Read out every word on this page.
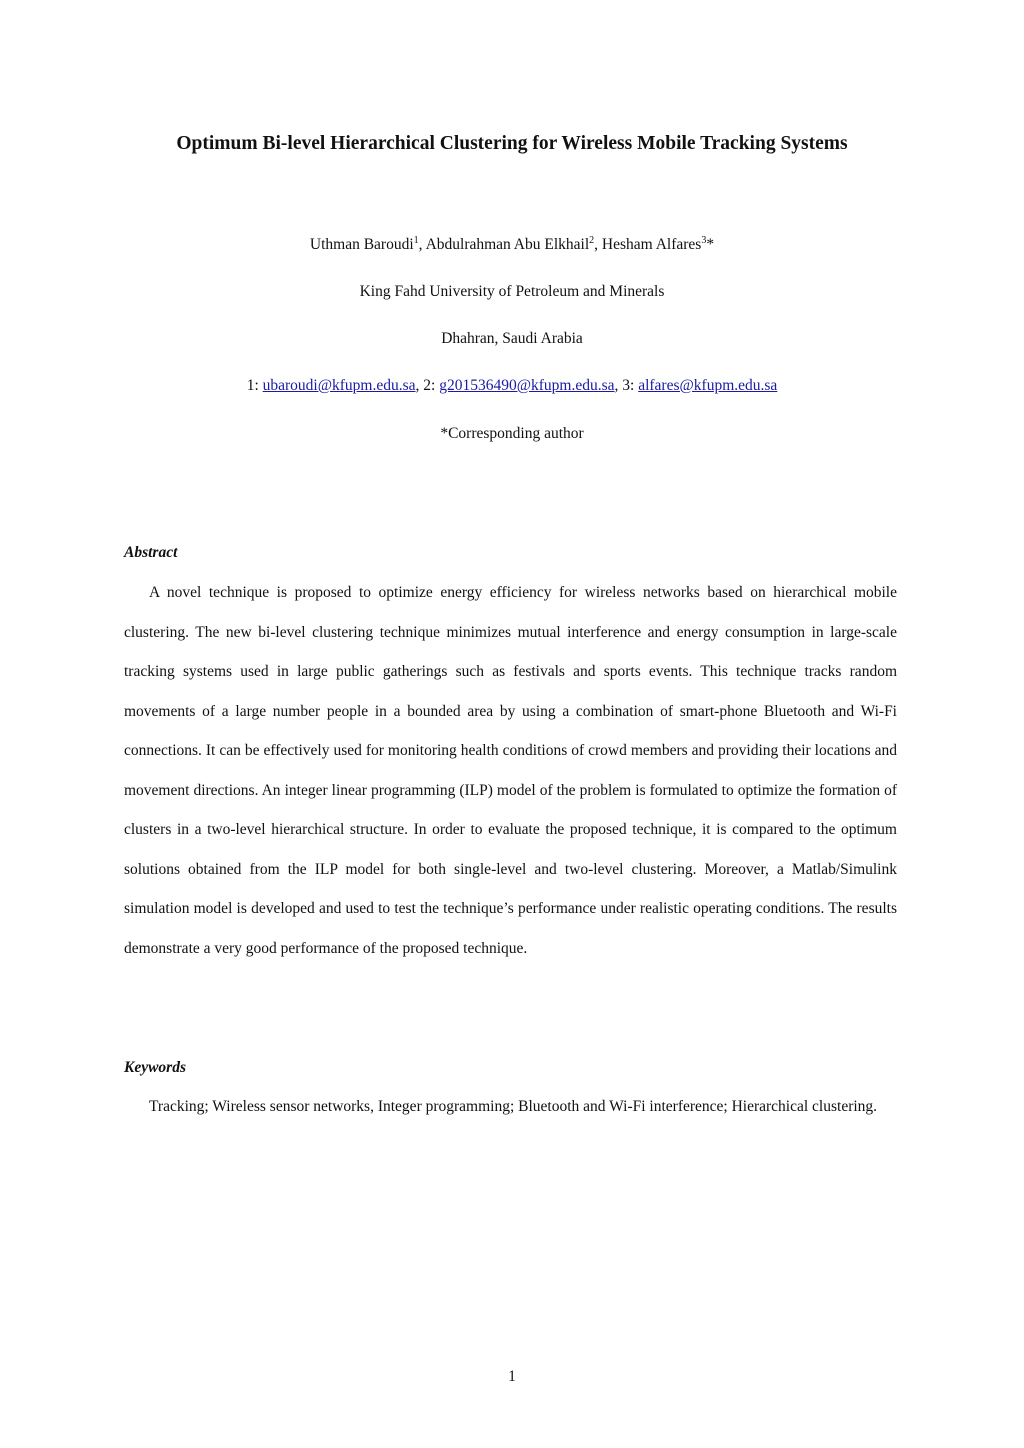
Optimum Bi-level Hierarchical Clustering for Wireless Mobile Tracking Systems
Uthman Baroudi$^1$, Abdulrahman Abu Elkhail$^2$, Hesham Alfares$^3$*
King Fahd University of Petroleum and Minerals
Dhahran, Saudi Arabia
1: ubaroudi@kfupm.edu.sa, 2: g201536490@kfupm.edu.sa, 3: alfares@kfupm.edu.sa
*Corresponding author
Abstract

A novel technique is proposed to optimize energy efficiency for wireless networks based on hierarchical mobile clustering. The new bi-level clustering technique minimizes mutual interference and energy consumption in large-scale tracking systems used in large public gatherings such as festivals and sports events. This technique tracks random movements of a large number people in a bounded area by using a combination of smart-phone Bluetooth and Wi-Fi connections. It can be effectively used for monitoring health conditions of crowd members and providing their locations and movement directions. An integer linear programming (ILP) model of the problem is formulated to optimize the formation of clusters in a two-level hierarchical structure. In order to evaluate the proposed technique, it is compared to the optimum solutions obtained from the ILP model for both single-level and two-level clustering. Moreover, a Matlab/Simulink simulation model is developed and used to test the technique’s performance under realistic operating conditions. The results demonstrate a very good performance of the proposed technique.

Keywords

Tracking; Wireless sensor networks, Integer programming; Bluetooth and Wi-Fi interference; Hierarchical clustering.

1
